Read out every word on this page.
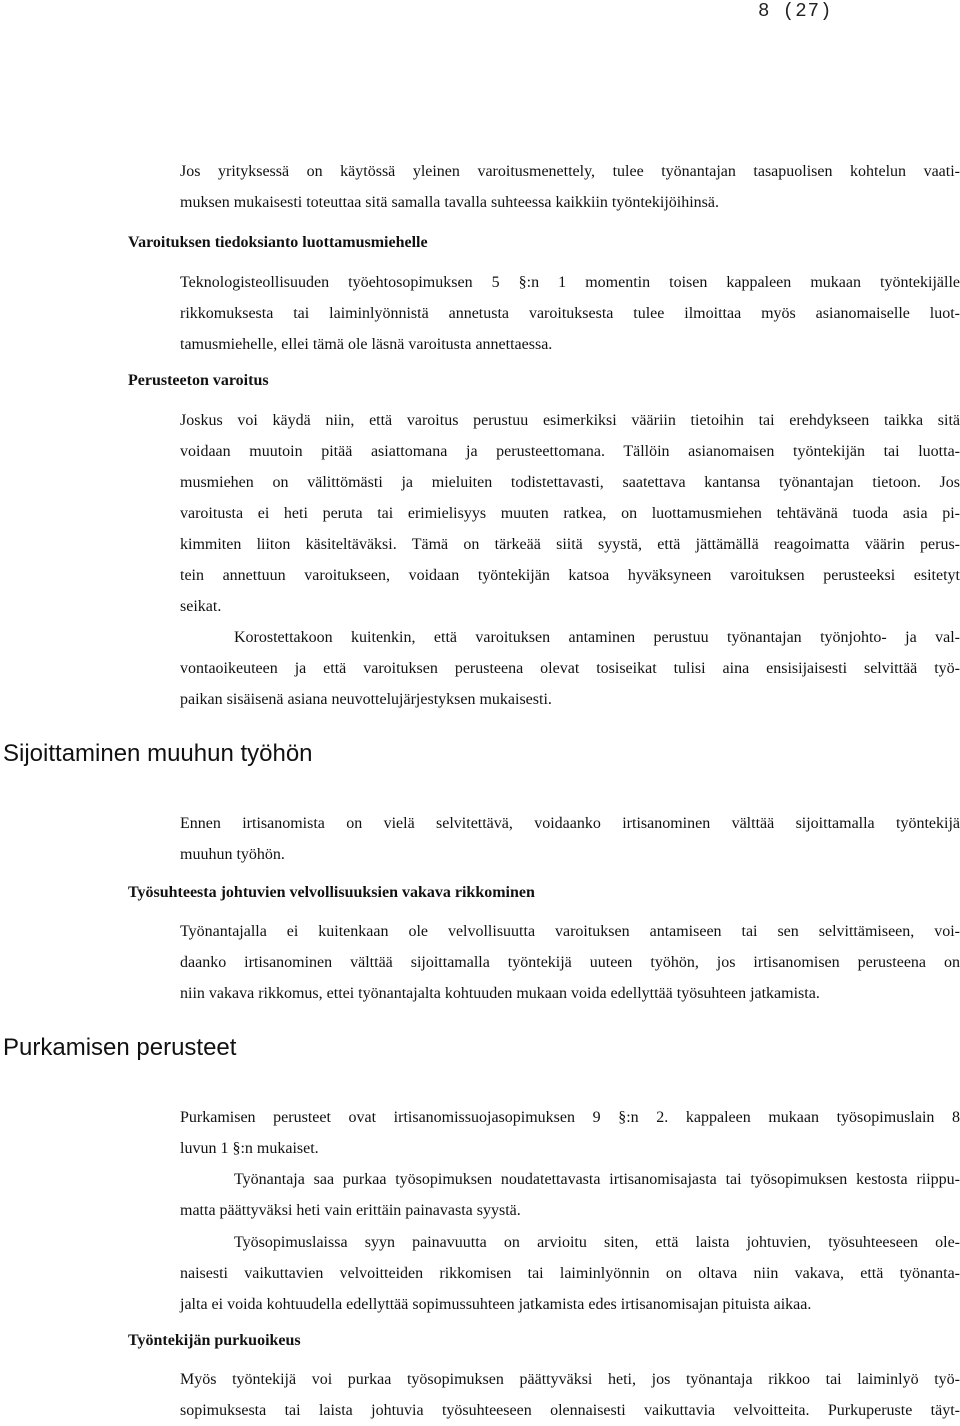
8 (27)
Jos yrityksessä on käytössä yleinen varoitusmenettely, tulee työnantajan tasapuolisen kohtelun vaati-
muksen mukaisesti toteuttaa sitä samalla tavalla suhteessa kaikkiin työntekijöihinsä.
Varoituksen tiedoksianto luottamusmiehelle
Teknologisteollisuuden työehtosopimuksen 5 §:n 1 momentin toisen kappaleen mukaan työntekijälle
rikkomuksesta tai laiminlyönnistä annetusta varoituksesta tulee ilmoittaa myös asianomaiselle luot-
tamusmiehelle, ellei tämä ole läsnä varoitusta annettaessa.
Perusteeton varoitus
Joskus voi käydä niin, että varoitus perustuu esimerkiksi vääriin tietoihin tai erehdykseen taikka sitä
voidaan muutoin pitää asiattomana ja perusteettomana. Tällöin asianomaisen työntekijän tai luotta-
musmiehen on välittömästi ja mieluiten todistettavasti, saatettava kantansa työnantajan tietoon. Jos
varoitusta ei heti peruta tai erimielisyys muuten ratkea, on luottamusmiehen tehtävänä tuoda asia pi-
kimmiten liiton käsiteltäväksi. Tämä on tärkeää siitä syystä, että jättämällä reagoimatta väärin perus-
tein annettuun varoitukseen, voidaan työntekijän katsoa hyväksyneen varoituksen perusteeksi esitetyt
seikat.
Korostettakoon kuitenkin, että varoituksen antaminen perustuu työnantajan työnjohto- ja val-
vontaoikeuteen ja että varoituksen perusteena olevat tosiseikat tulisi aina ensisijaisesti selvittää työ-
paikan sisäisenä asiana neuvottelujärjestyksen mukaisesti.
Sijoittaminen muuhun työhön
Ennen irtisanomista on vielä selvitettävä, voidaanko irtisanominen välttää sijoittamalla työntekijä
muuhun työhön.
Työsuhteesta johtuvien velvollisuuksien vakava rikkominen
Työnantajalla ei kuitenkaan ole velvollisuutta varoituksen antamiseen tai sen selvittämiseen, voi-
daanko irtisanominen välttää sijoittamalla työntekijä uuteen työhön, jos irtisanomisen perusteena on
niin vakava rikkomus, ettei työnantajalta kohtuuden mukaan voida edellyttää työsuhteen jatkamista.
Purkamisen perusteet
Purkamisen perusteet ovat irtisanomissuojasopimuksen 9 §:n 2. kappaleen mukaan työsopimuslain 8
luvun 1 §:n mukaiset.
Työnantaja saa purkaa työsopimuksen noudatettavasta irtisanomisajasta tai työsopimuksen kestosta riippu-
matta päättyväksi heti vain erittäin painavasta syystä.
Työsopimuslaissa syyn painavuutta on arvioitu siten, että laista johtuvien, työsuhteeseen ole-
naisesti vaikuttavien velvoitteiden rikkomisen tai laiminlyönnin on oltava niin vakava, että työnanta-
jalta ei voida kohtuudella edellyttää sopimussuhteen jatkamista edes irtisanomisajan pituista aikaa.
Työntekijän purkuoikeus
Myös työntekijä voi purkaa työsopimuksen päättyväksi heti, jos työnantaja rikkoo tai laiminlyö työ-
sopimuksesta tai laista johtuvia työsuhteeseen olennaisesti vaikuttavia velvoitteita. Purkuperuste täyt-
